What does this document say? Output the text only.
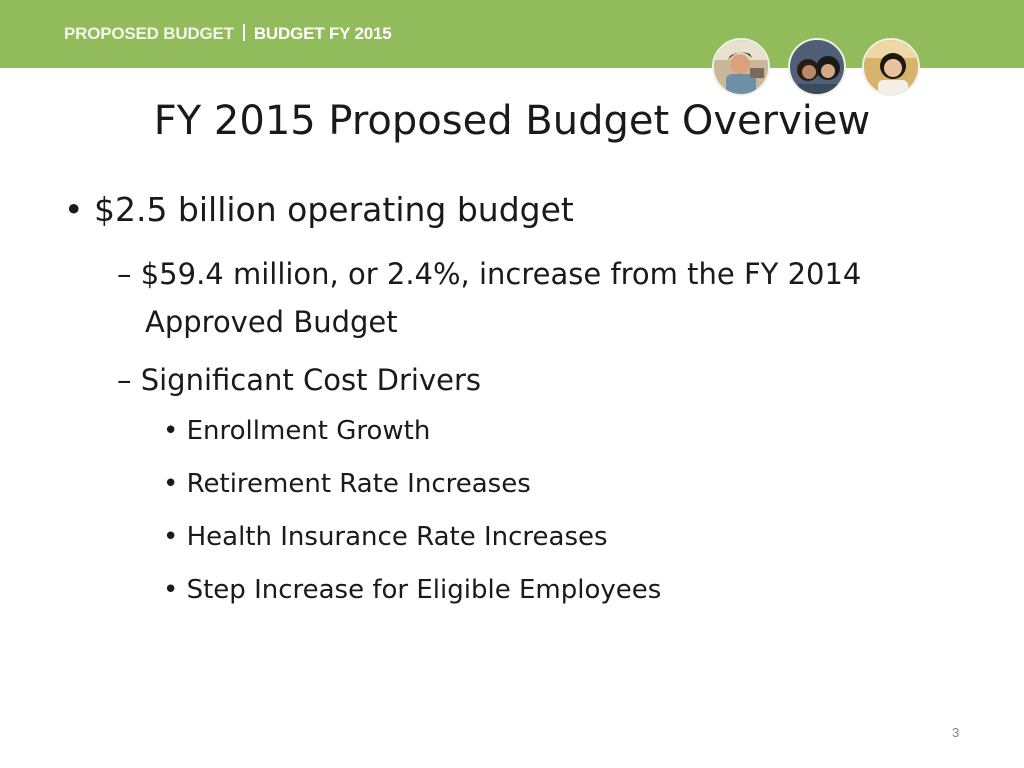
PROPOSED BUDGET BUDGET FY 2015
FY 2015 Proposed Budget Overview
• $2.5 billion operating budget
– $59.4 million, or 2.4%, increase from the FY 2014
Approved Budget
– Significant Cost Drivers
• Enrollment Growth
• Retirement Rate Increases
• Health Insurance Rate Increases
• Step Increase for Eligible Employees
3
